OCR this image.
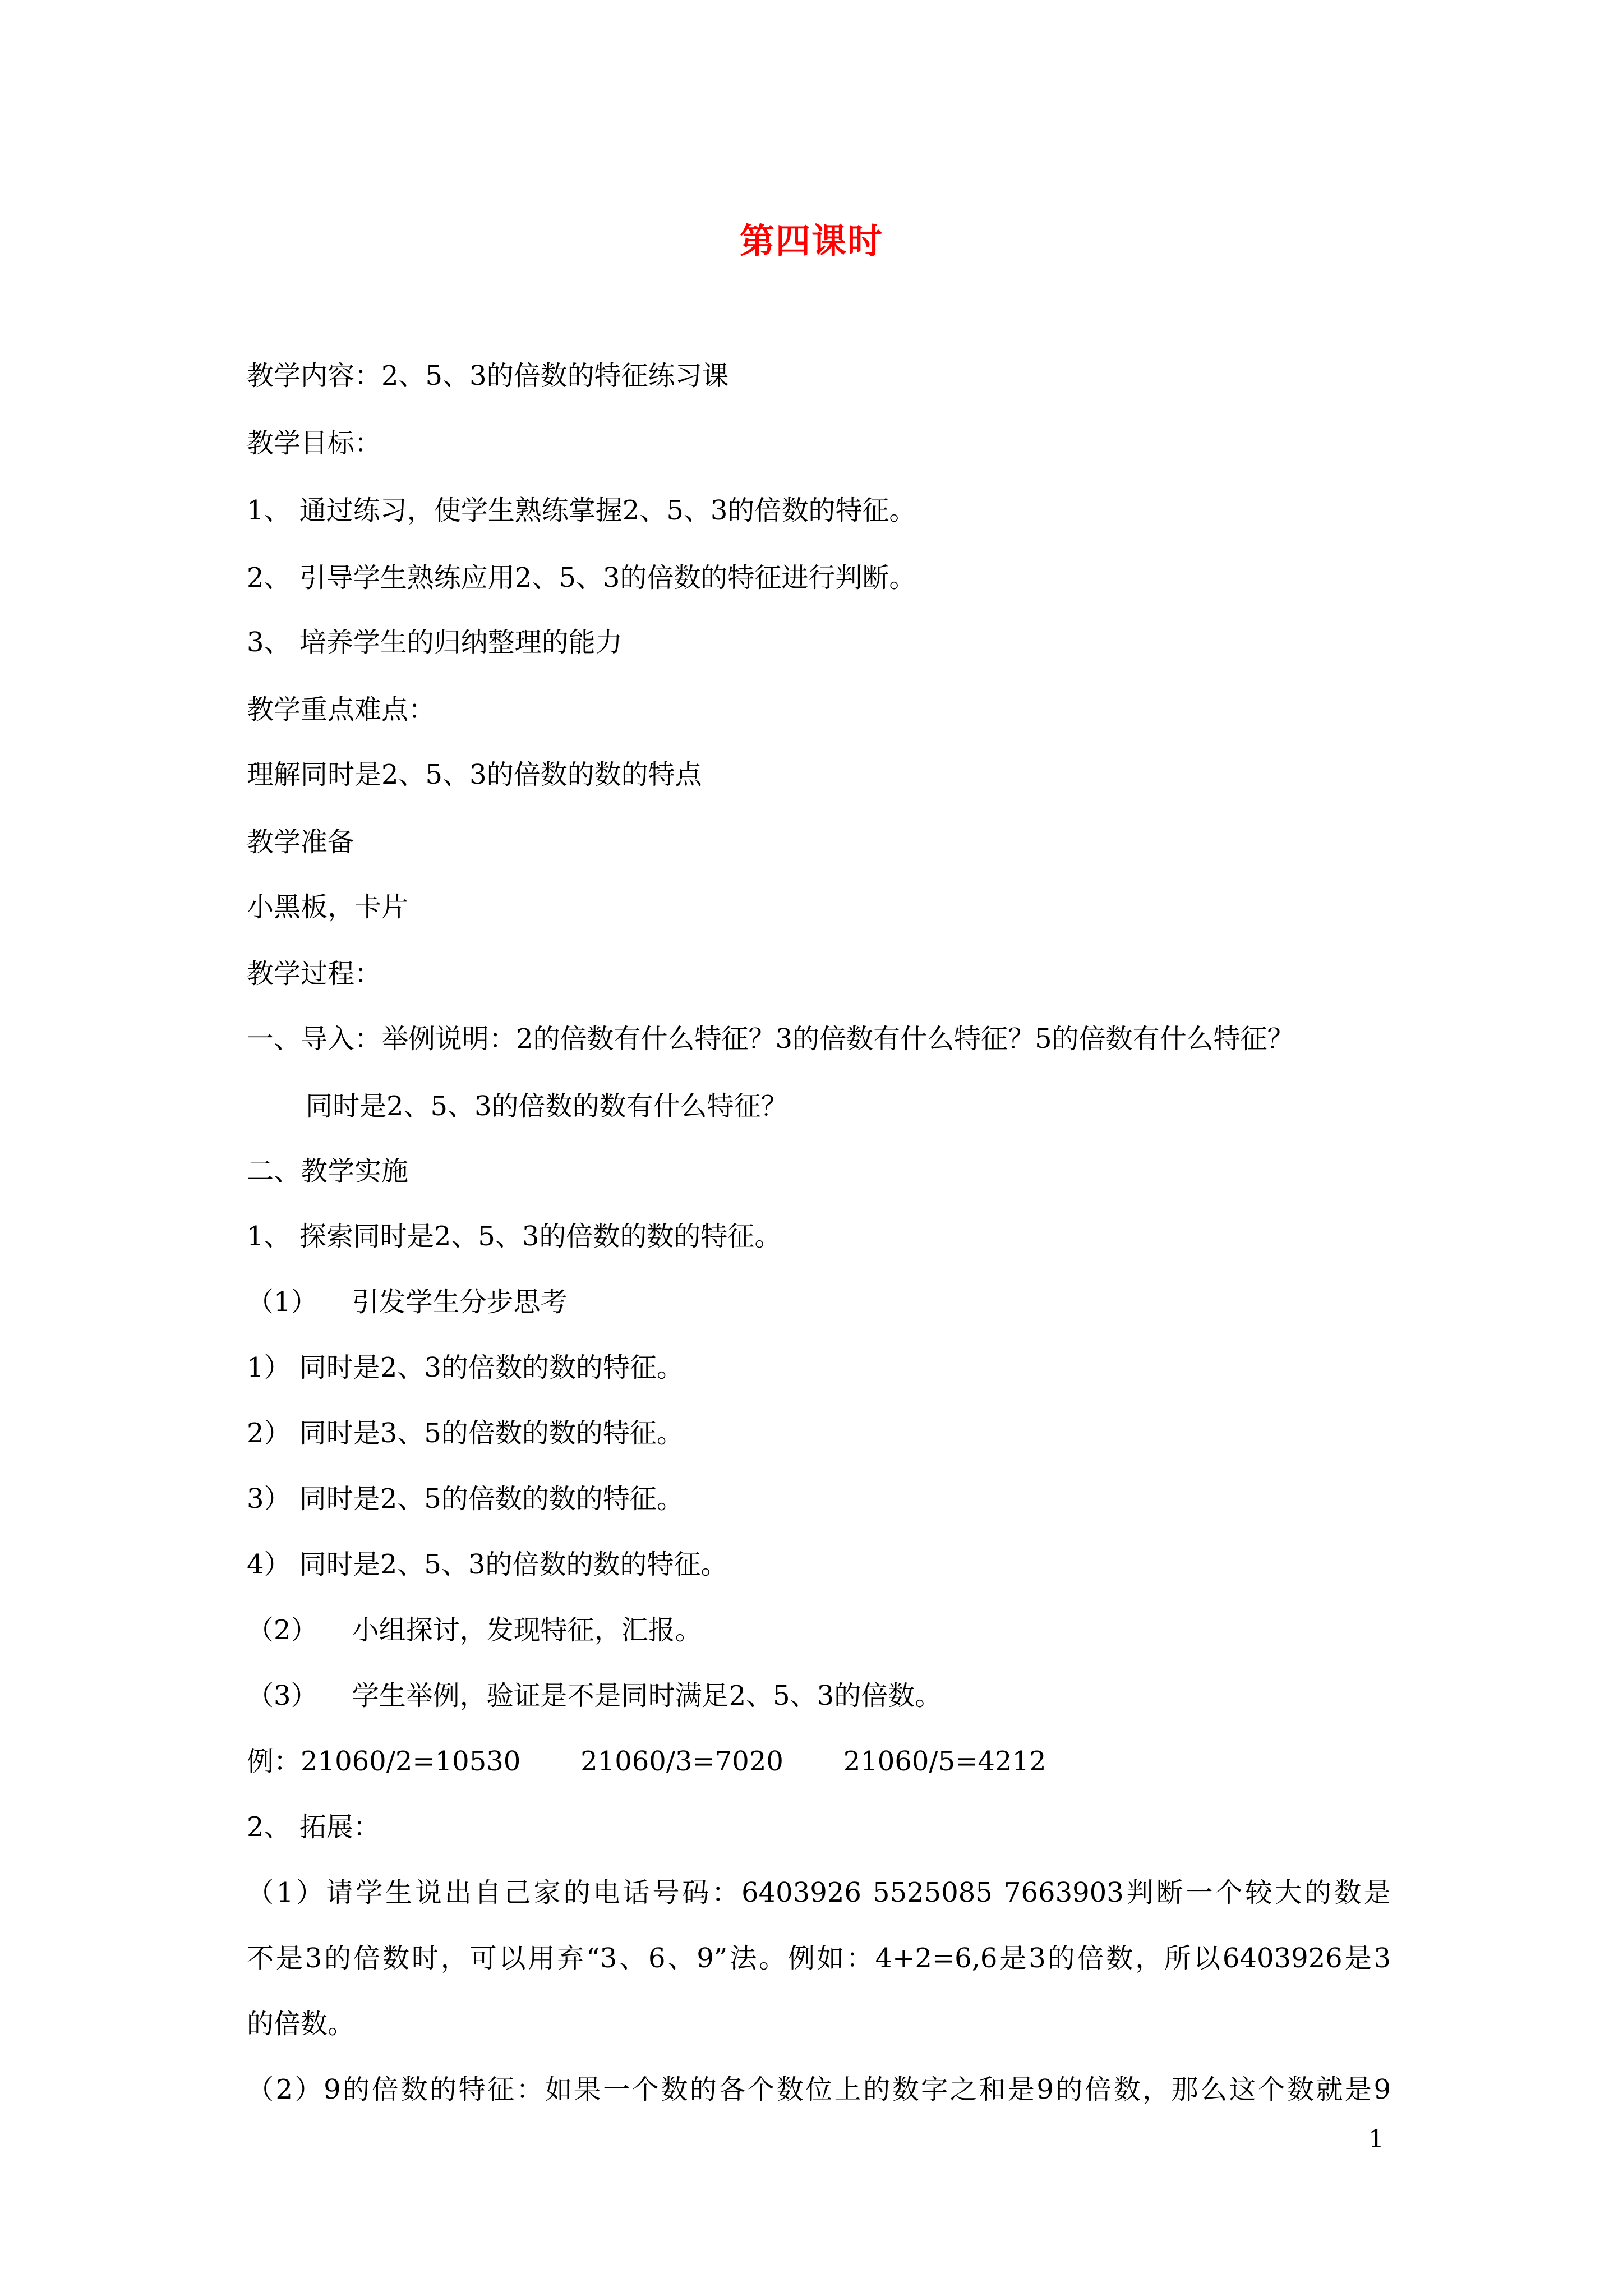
第四课时
教学内容：2、5、3的倍数的特征练习课
教学目标：
1、 通过练习，使学生熟练掌握2、5、3的倍数的特征。
2、 引导学生熟练应用2、5、3的倍数的特征进行判断。
3、 培养学生的归纳整理的能力
教学重点难点：
理解同时是2、5、3的倍数的数的特点
教学准备
小黑板，卡片
教学过程：
一、导入：举例说明：2的倍数有什么特征？3的倍数有什么特征？5的倍数有什么特征？
同时是2、5、3的倍数的数有什么特征？
二、教学实施
1、 探索同时是2、5、3的倍数的数的特征。
（1）    引发学生分步思考
1） 同时是2、3的倍数的数的特征。
2） 同时是3、5的倍数的数的特征。
3） 同时是2、5的倍数的数的特征。
4） 同时是2、5、3的倍数的数的特征。
（2）    小组探讨，发现特征，汇报。
（3）    学生举例，验证是不是同时满足2、5、3的倍数。
例：21060/2=10530       21060/3=7020       21060/5=4212
2、 拓展：
（1）请学生说出自己家的电话号码：6403926 5525085 7663903判断一个较大的数是
不是3的倍数时，可以用弃“3、6、9”法。例如：4+2=6,6是3的倍数，所以6403926是3
的倍数。
（2）9的倍数的特征：如果一个数的各个数位上的数字之和是9的倍数，那么这个数就是9
1
